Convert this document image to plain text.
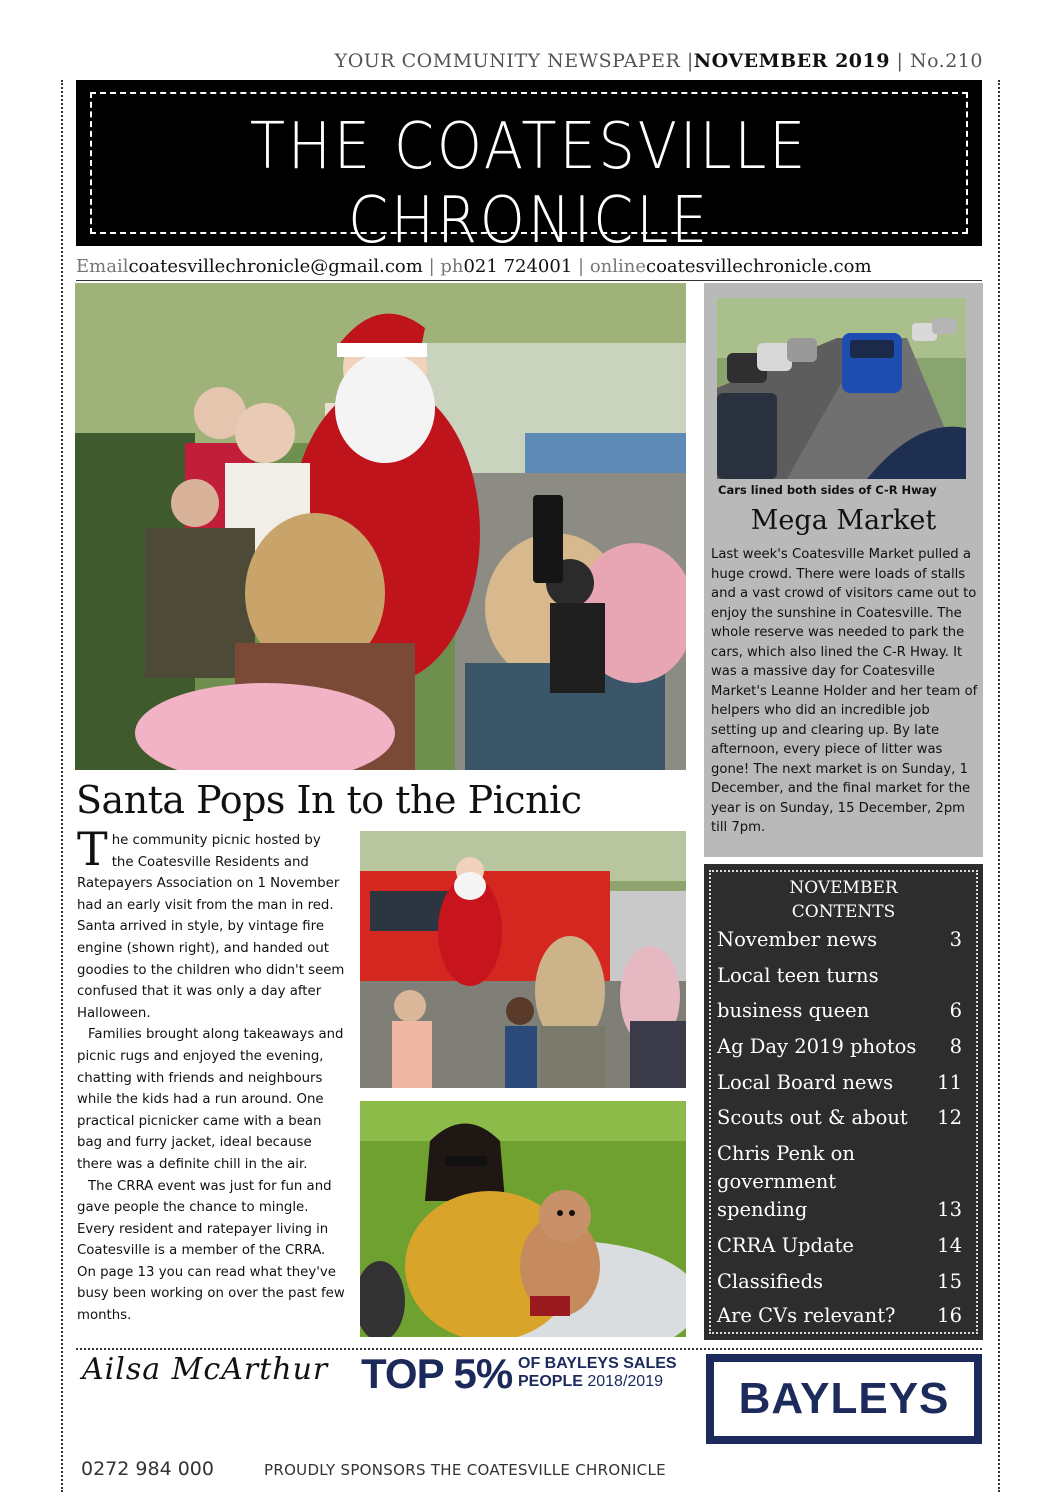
YOUR COMMUNITY NEWSPAPER |NOVEMBER 2019 | No.210
THE COATESVILLE CHRONICLE
Emailcoatesvillechronicle@gmail.com | ph021 724001 | onlinecoatesvillechronicle.com
Cars lined both sides of C-R Hway
Mega Market
Last week's Coatesville Market pulled a huge crowd. There were loads of stalls and a vast crowd of visitors came out to enjoy the sunshine in Coatesville. The whole reserve was needed to park the cars, which also lined the C-R Hway. It was a massive day for Coatesville Market's Leanne Holder and her team of helpers who did an incredible job setting up and clearing up. By late afternoon, every piece of litter was gone! The next market is on Sunday, 1 December, and the final market for the year is on Sunday, 15 December, 2pm till 7pm.
NOVEMBER
CONTENTS
November news	3
Local teen turns
business queen	6
Ag Day 2019 photos 8
Local Board news 11
Scouts out & about 12
Chris Penk on
government
spending	13
CRRA Update	14
Classifieds	15
Are CVs relevant? 16
Santa Pops In to the Picnic

The community picnic hosted by the Coatesville Residents and Ratepayers Association on 1 November had an early visit from the man in red. Santa arrived in style, by vintage fire engine (shown right), and handed out goodies to the children who didn't seem confused that it was only a day after Halloween.

Families brought along takeaways and picnic rugs and enjoyed the evening, chatting with friends and neighbours while the kids had a run around. One practical picnicker came with a bean bag and furry jacket, ideal because there was a definite chill in the air.

The CRRA event was just for fun and gave people the chance to mingle. Every resident and ratepayer living in Coatesville is a member of the CRRA. On page 13 you can read what they've busy been working on over the past few months.

Ailsa McArthur TOP 5% OF BAYLEYS SALES
PEOPLE 2018/2019
0272 984 000	PROUDLY SPONSORS THE COATESVILLE CHRONICLE
BAYLEYS
